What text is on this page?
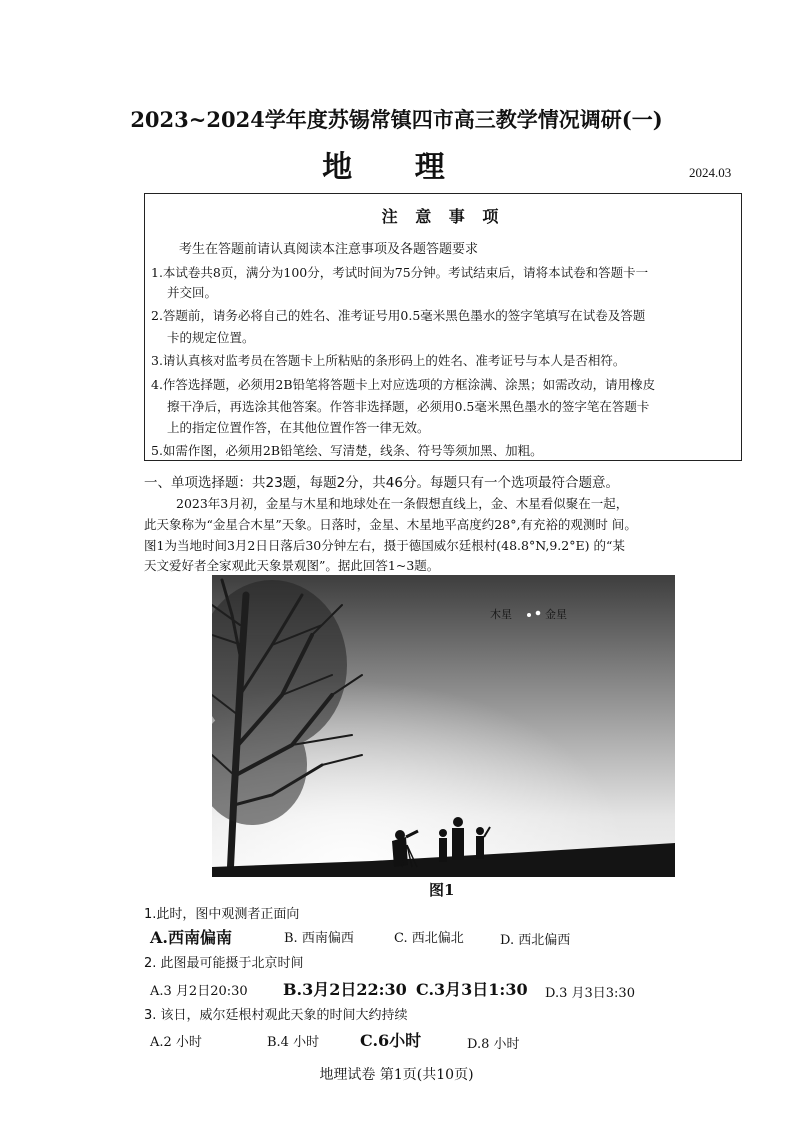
2023~2024学年度苏锡常镇四市高三教学情况调研(一)
地 理	2024.03
注 意 事 项
考生在答题前请认真阅读本注意事项及各题答题要求
1.本试卷共8页，满分为100分，考试时间为75分钟。考试结束后，请将本试卷和答题卡一
并交回。
2.答题前，请务必将自己的姓名、准考证号用0.5毫米黑色墨水的签字笔填写在试卷及答题
卡的规定位置。
3.请认真核对监考员在答题卡上所粘贴的条形码上的姓名、准考证号与本人是否相符。
4.作答选择题，必须用2B铅笔将答题卡上对应选项的方框涂满、涂黑；如需改动，请用橡皮
擦干净后，再选涂其他答案。作答非选择题，必须用0.5毫米黑色墨水的签字笔在答题卡
上的指定位置作答，在其他位置作答一律无效。
5.如需作图，必须用2B铅笔绘、写清楚，线条、符号等须加黑、加粗。
一、单项选择题：共23题，每题2分，共46分。每题只有一个选项最符合题意。
2023年3月初，金星与木星和地球处在一条假想直线上，金、木星看似聚在一起，
此天象称为“金星合木星”天象。日落时，金星、木星地平高度约28°,有充裕的观测时 间。
图1为当地时间3月2日日落后30分钟左右，摄于德国威尔廷根村(48.8°N,9.2°E) 的“某
天文爱好者全家观此天象景观图”。据此回答1~3题。
木星	金星
图1
1.此时，图中观测者正面向
A.西南偏南	B. 西南偏西	C. 西北偏北	D. 西北偏西
2. 此图最可能摄于北京时间
A.3 月2日20:30 B.3月2日22:30 C.3月3日1:30 D.3 月3日3:30
3. 该日，威尔廷根村观此天象的时间大约持续
A.2 小时	B.4 小时	C.6小时	D.8 小时
地理试卷 第1页(共10页)
